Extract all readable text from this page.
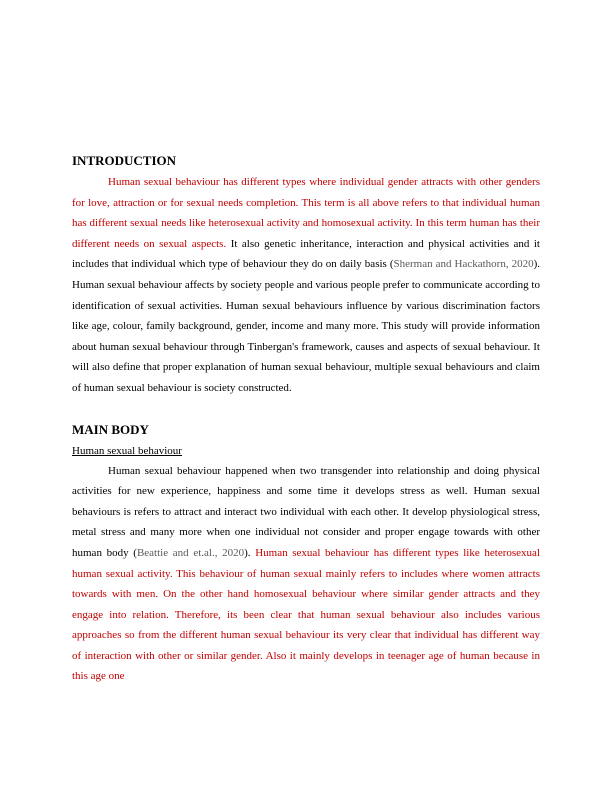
INTRODUCTION

Human sexual behaviour has different types where individual gender attracts with other genders for love, attraction or for sexual needs completion. This term is all above refers to that individual human has different sexual needs like heterosexual activity and homosexual activity. In this term human has their different needs on sexual aspects. It also genetic inheritance, interaction and physical activities and it includes that individual which type of behaviour they do on daily basis (Sherman and Hackathorn, 2020). Human sexual behaviour affects by society people and various people prefer to communicate according to identification of sexual activities. Human sexual behaviours influence by various discrimination factors like age, colour, family background, gender, income and many more. This study will provide information about human sexual behaviour through Tinbergan's framework, causes and aspects of sexual behaviour. It will also define that proper explanation of human sexual behaviour, multiple sexual behaviours and claim of human sexual behaviour is society constructed.

MAIN BODY
Human sexual behaviour

Human sexual behaviour happened when two transgender into relationship and doing physical activities for new experience, happiness and some time it develops stress as well. Human sexual behaviours is refers to attract and interact two individual with each other. It develop physiological stress, metal stress and many more when one individual not consider and proper engage towards with other human body (Beattie and et.al., 2020). Human sexual behaviour has different types like heterosexual human sexual activity. This behaviour of human sexual mainly refers to includes where women attracts towards with men. On the other hand homosexual behaviour where similar gender attracts and they engage into relation. Therefore, its been clear that human sexual behaviour also includes various approaches so from the different human sexual behaviour its very clear that individual has different way of interaction with other or similar gender. Also it mainly develops in teenager age of human because in this age one
